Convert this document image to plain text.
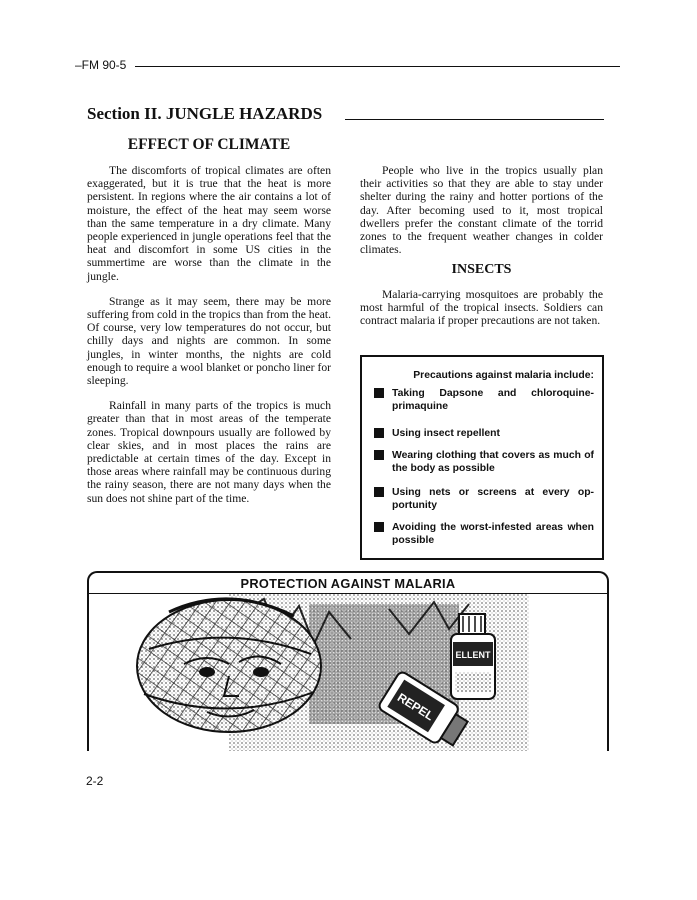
–FM 90-5
Section II. JUNGLE HAZARDS
EFFECT OF CLIMATE

The discomforts of tropical climates are often exaggerated, but it is true that the heat is more persistent. In regions where the air contains a lot of moisture, the effect of the heat may seem worse than the same temperature in a dry climate. Many people experienced in jungle operations feel that the heat and discomfort in some US cities in the summertime are worse than the climate in the jungle.

Strange as it may seem, there may be more suffering from cold in the tropics than from the heat. Of course, very low temperatures do not occur, but chilly days and nights are common. In some jungles, in winter months, the nights are cold enough to require a wool blanket or poncho liner for sleeping.

Rainfall in many parts of the tropics is much greater than that in most areas of the temperate zones. Tropical downpours usually are followed by clear skies, and in most places the rains are predictable at certain times of the day. Except in those areas where rainfall may be continuous during the rainy season, there are not many days when the sun does not shine part of the time.

People who live in the tropics usually plan their activities so that they are able to stay under shelter during the rainy and hotter portions of the day. After becoming used to it, most tropical dwellers prefer the constant climate of the torrid zones to the frequent weather changes in colder climates.

INSECTS

Malaria-carrying mosquitoes are probably the most harmful of the tropical insects. Soldiers can contract malaria if proper precautions are not taken.

Precautions against malaria include:
Taking Dapsone and chloroquine-primaquine
Using insect repellent
Wearing clothing that covers as much of the body as possible
Using nets or screens at every op-portunity
Avoiding the worst-infested areas when possible
PROTECTION AGAINST MALARIA
ELLENT
REPEL
2-2
